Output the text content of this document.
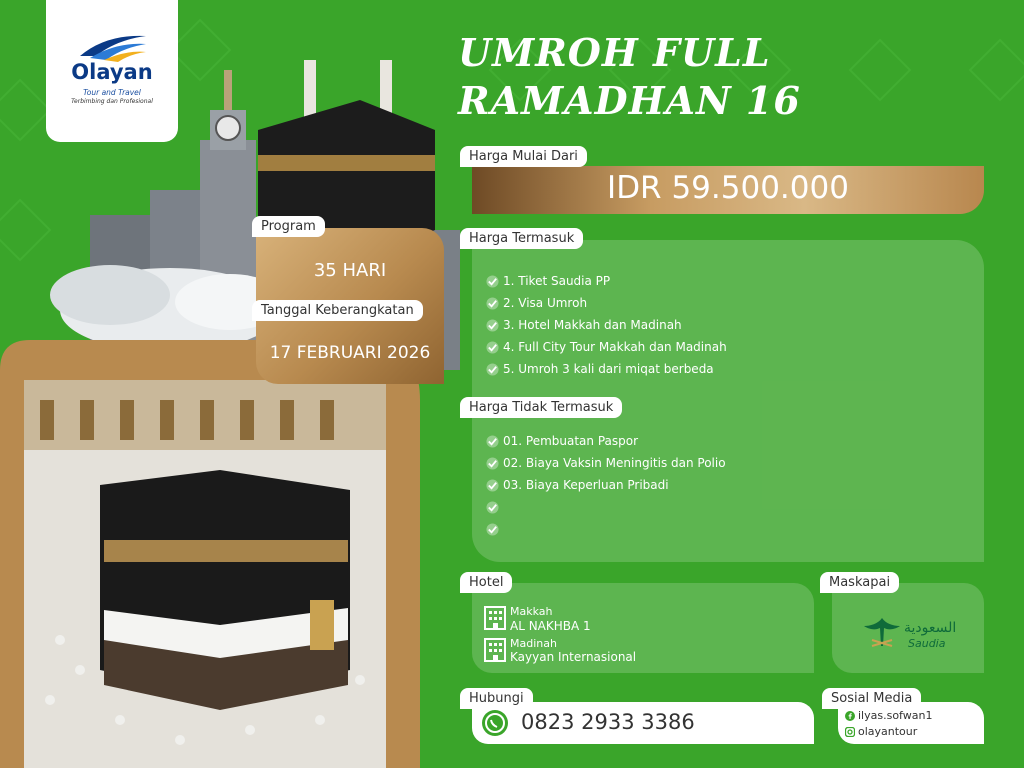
Olayan
Tour and Travel
Terbimbing dan Profesional
Program
35 HARI
Tanggal Keberangkatan
17 FEBRUARI 2026
UMROH FULL
RAMADHAN 16
IDR 59.500.000
Harga Mulai Dari
Harga Termasuk
1. Tiket Saudia PP
2. Visa Umroh
3. Hotel Makkah dan Madinah
4. Full City Tour Makkah dan Madinah
5. Umroh 3 kali dari miqat berbeda
Harga Tidak Termasuk
01. Pembuatan Paspor
02. Biaya Vaksin Meningitis dan Polio
03. Biaya Keperluan Pribadi
Hotel
Makkah
AL NAKHBA 1
Madinah
Kayyan Internasional
Maskapai
السعودية
Saudia
Hubungi
0823 2933 3386
Sosial Media
ilyas.sofwan1
olayantour
